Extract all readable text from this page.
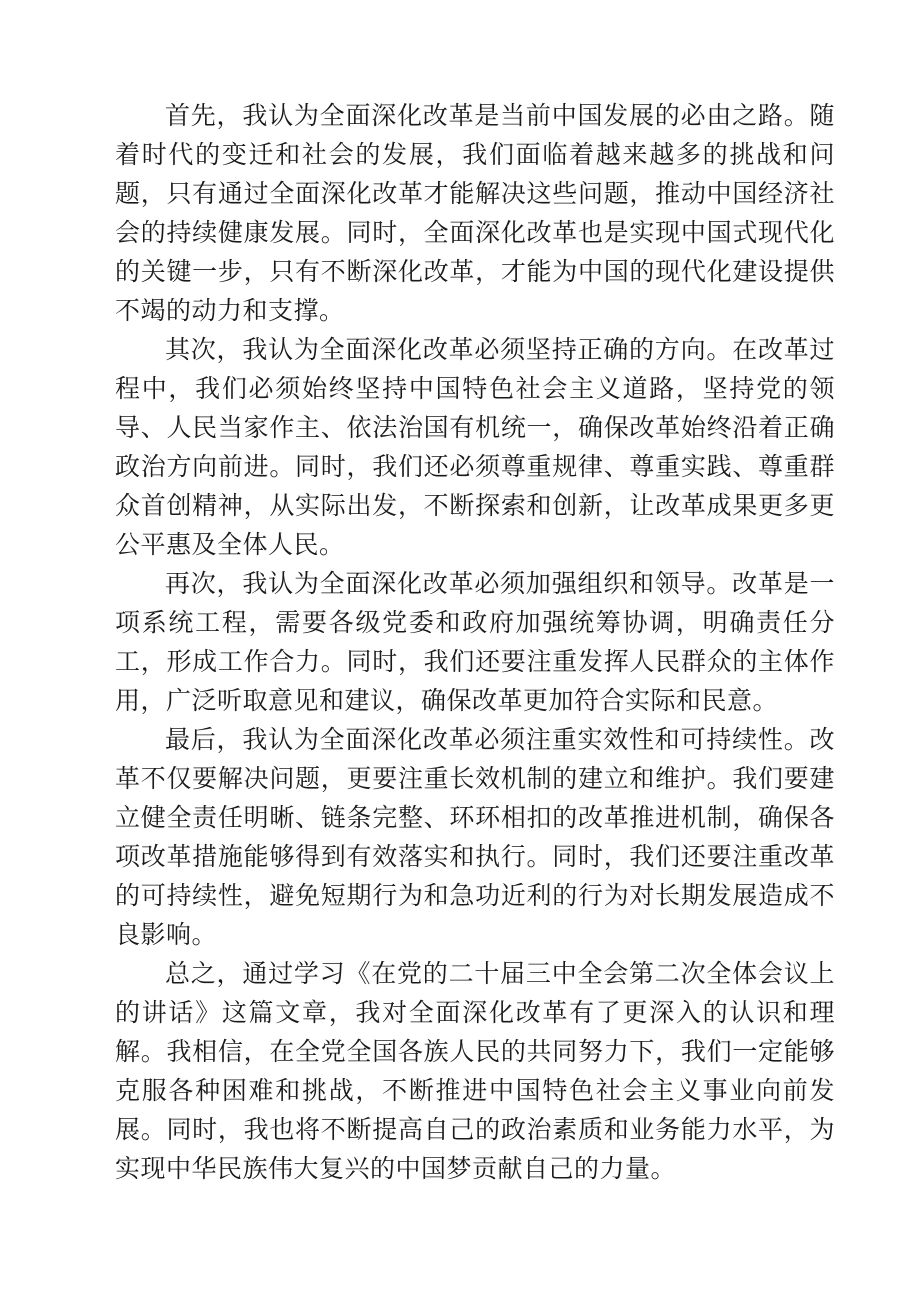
首先，我认为全面深化改革是当前中国发展的必由之路。随着时代的变迁和社会的发展，我们面临着越来越多的挑战和问题，只有通过全面深化改革才能解决这些问题，推动中国经济社会的持续健康发展。同时，全面深化改革也是实现中国式现代化的关键一步，只有不断深化改革，才能为中国的现代化建设提供不竭的动力和支撑。

其次，我认为全面深化改革必须坚持正确的方向。在改革过程中，我们必须始终坚持中国特色社会主义道路，坚持党的领导、人民当家作主、依法治国有机统一，确保改革始终沿着正确政治方向前进。同时，我们还必须尊重规律、尊重实践、尊重群众首创精神，从实际出发，不断探索和创新，让改革成果更多更公平惠及全体人民。

再次，我认为全面深化改革必须加强组织和领导。改革是一项系统工程，需要各级党委和政府加强统筹协调，明确责任分工，形成工作合力。同时，我们还要注重发挥人民群众的主体作用，广泛听取意见和建议，确保改革更加符合实际和民意。

最后，我认为全面深化改革必须注重实效性和可持续性。改革不仅要解决问题，更要注重长效机制的建立和维护。我们要建立健全责任明晰、链条完整、环环相扣的改革推进机制，确保各项改革措施能够得到有效落实和执行。同时，我们还要注重改革的可持续性，避免短期行为和急功近利的行为对长期发展造成不良影响。

总之，通过学习《在党的二十届三中全会第二次全体会议上的讲话》这篇文章，我对全面深化改革有了更深入的认识和理解。我相信，在全党全国各族人民的共同努力下，我们一定能够克服各种困难和挑战，不断推进中国特色社会主义事业向前发展。同时，我也将不断提高自己的政治素质和业务能力水平，为实现中华民族伟大复兴的中国梦贡献自己的力量。
